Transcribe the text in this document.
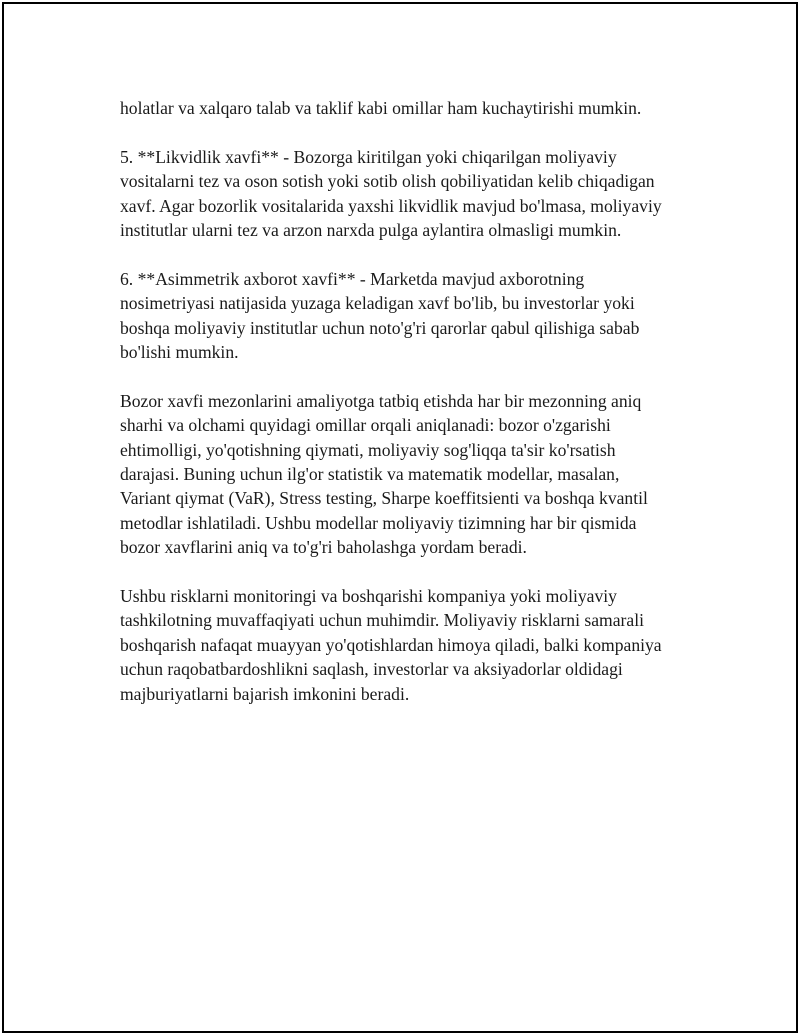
holatlar va xalqaro talab va taklif kabi omillar ham kuchaytirishi mumkin.

5. **Likvidlik xavfi** - Bozorga kiritilgan yoki chiqarilgan moliyaviy
vositalarni tez va oson sotish yoki sotib olish qobiliyatidan kelib chiqadigan
xavf. Agar bozorlik vositalarida yaxshi likvidlik mavjud bo'lmasa, moliyaviy
institutlar ularni tez va arzon narxda pulga aylantira olmasligi mumkin.

6. **Asimmetrik axborot xavfi** - Marketda mavjud axborotning
nosimetriyasi natijasida yuzaga keladigan xavf bo'lib, bu investorlar yoki
boshqa moliyaviy institutlar uchun noto'g'ri qarorlar qabul qilishiga sabab
bo'lishi mumkin.

Bozor xavfi mezonlarini amaliyotga tatbiq etishda har bir mezonning aniq
sharhi va olchami quyidagi omillar orqali aniqlanadi: bozor o'zgarishi
ehtimolligi, yo'qotishning qiymati, moliyaviy sog'liqqa ta'sir ko'rsatish
darajasi. Buning uchun ilg'or statistik va matematik modellar, masalan,
Variant qiymat (VaR), Stress testing, Sharpe koeffitsienti va boshqa kvantil
metodlar ishlatiladi. Ushbu modellar moliyaviy tizimning har bir qismida
bozor xavflarini aniq va to'g'ri baholashga yordam beradi.

Ushbu risklarni monitoringi va boshqarishi kompaniya yoki moliyaviy
tashkilotning muvaffaqiyati uchun muhimdir. Moliyaviy risklarni samarali
boshqarish nafaqat muayyan yo'qotishlardan himoya qiladi, balki kompaniya
uchun raqobatbardoshlikni saqlash, investorlar va aksiyadorlar oldidagi
majburiyatlarni bajarish imkonini beradi.
